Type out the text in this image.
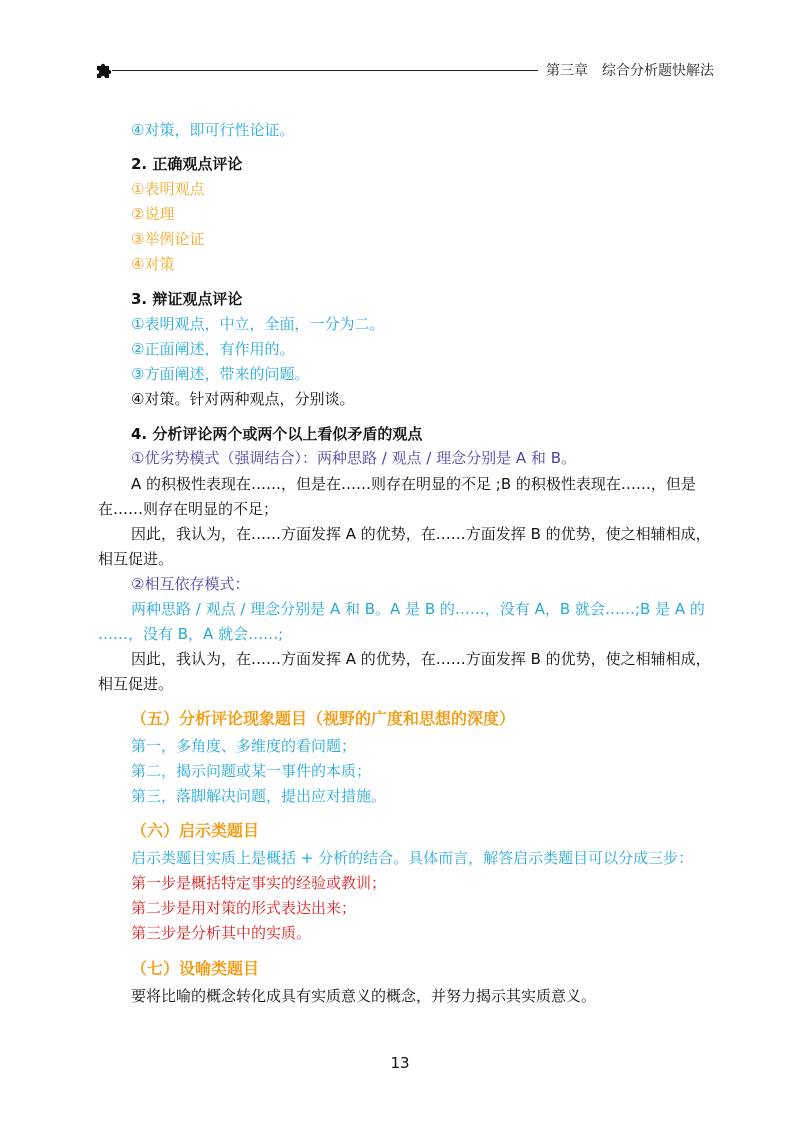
第三章　综合分析题快解法
④对策，即可行性论证。
2. 正确观点评论
①表明观点
②说理
③举例论证
④对策
3. 辩证观点评论
①表明观点，中立，全面，一分为二。
②正面阐述，有作用的。
③方面阐述，带来的问题。
④对策。针对两种观点，分别谈。
4. 分析评论两个或两个以上看似矛盾的观点
①优劣势模式（强调结合）：两种思路 / 观点 / 理念分别是 A 和 B。
A 的积极性表现在……，但是在……则存在明显的不足 ;B 的积极性表现在……，但是
在……则存在明显的不足；
因此，我认为，在……方面发挥 A 的优势，在……方面发挥 B 的优势，使之相辅相成，
相互促进。
②相互依存模式：
两种思路 / 观点 / 理念分别是 A 和 B。A 是 B 的……，没有 A，B 就会……;B 是 A 的
……，没有 B，A 就会……;
因此，我认为，在……方面发挥 A 的优势，在……方面发挥 B 的优势，使之相辅相成，
相互促进。
（五）分析评论现象题目（视野的广度和思想的深度）
第一，多角度、多维度的看问题；
第二，揭示问题或某一事件的本质；
第三，落脚解决问题，提出应对措施。
（六）启示类题目
启示类题目实质上是概括 + 分析的结合。具体而言，解答启示类题目可以分成三步：
第一步是概括特定事实的经验或教训；
第二步是用对策的形式表达出来；
第三步是分析其中的实质。
（七）设喻类题目
要将比喻的概念转化成具有实质意义的概念，并努力揭示其实质意义。
13
